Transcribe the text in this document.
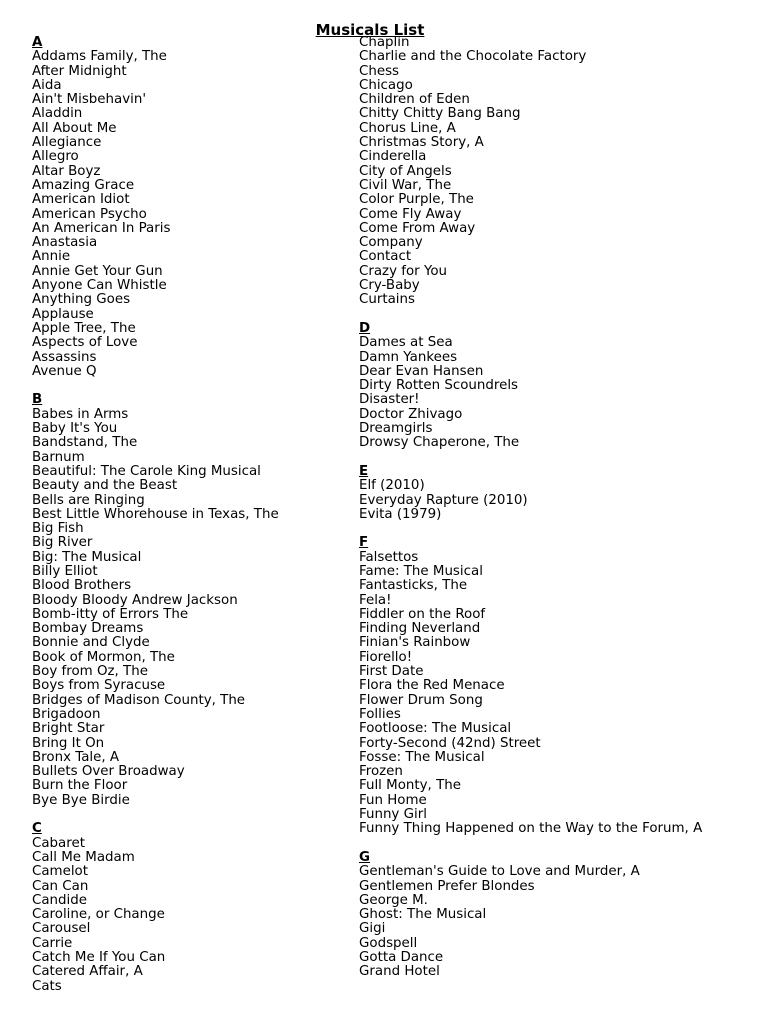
Musicals List
A
Addams Family, The
After Midnight
Aida
Ain't Misbehavin'
Aladdin
All About Me
Allegiance
Allegro
Altar Boyz
Amazing Grace
American Idiot
American Psycho
An American In Paris
Anastasia
Annie
Annie Get Your Gun
Anyone Can Whistle
Anything Goes
Applause
Apple Tree, The
Aspects of Love
Assassins
Avenue Q
B
Babes in Arms
Baby It's You
Bandstand, The
Barnum
Beautiful: The Carole King Musical
Beauty and the Beast
Bells are Ringing
Best Little Whorehouse in Texas, The
Big Fish
Big River
Big: The Musical
Billy Elliot
Blood Brothers
Bloody Bloody Andrew Jackson
Bomb-itty of Errors The
Bombay Dreams
Bonnie and Clyde
Book of Mormon, The
Boy from Oz, The
Boys from Syracuse
Bridges of Madison County, The
Brigadoon
Bright Star
Bring It On
Bronx Tale, A
Bullets Over Broadway
Burn the Floor
Bye Bye Birdie
C
Cabaret
Call Me Madam
Camelot
Can Can
Candide
Caroline, or Change
Carousel
Carrie
Catch Me If You Can
Catered Affair, A
Cats
Chaplin
Charlie and the Chocolate Factory
Chess
Chicago
Children of Eden
Chitty Chitty Bang Bang
Chorus Line, A
Christmas Story, A
Cinderella
City of Angels
Civil War, The
Color Purple, The
Come Fly Away
Come From Away
Company
Contact
Crazy for You
Cry-Baby
Curtains
D
Dames at Sea
Damn Yankees
Dear Evan Hansen
Dirty Rotten Scoundrels
Disaster!
Doctor Zhivago
Dreamgirls
Drowsy Chaperone, The
E
Elf (2010)
Everyday Rapture (2010)
Evita (1979)
F
Falsettos
Fame: The Musical
Fantasticks, The
Fela!
Fiddler on the Roof
Finding Neverland
Finian's Rainbow
Fiorello!
First Date
Flora the Red Menace
Flower Drum Song
Follies
Footloose: The Musical
Forty-Second (42nd) Street
Fosse: The Musical
Frozen
Full Monty, The
Fun Home
Funny Girl
Funny Thing Happened on the Way to the Forum, A
G
Gentleman's Guide to Love and Murder, A
Gentlemen Prefer Blondes
George M.
Ghost: The Musical
Gigi
Godspell
Gotta Dance
Grand Hotel
